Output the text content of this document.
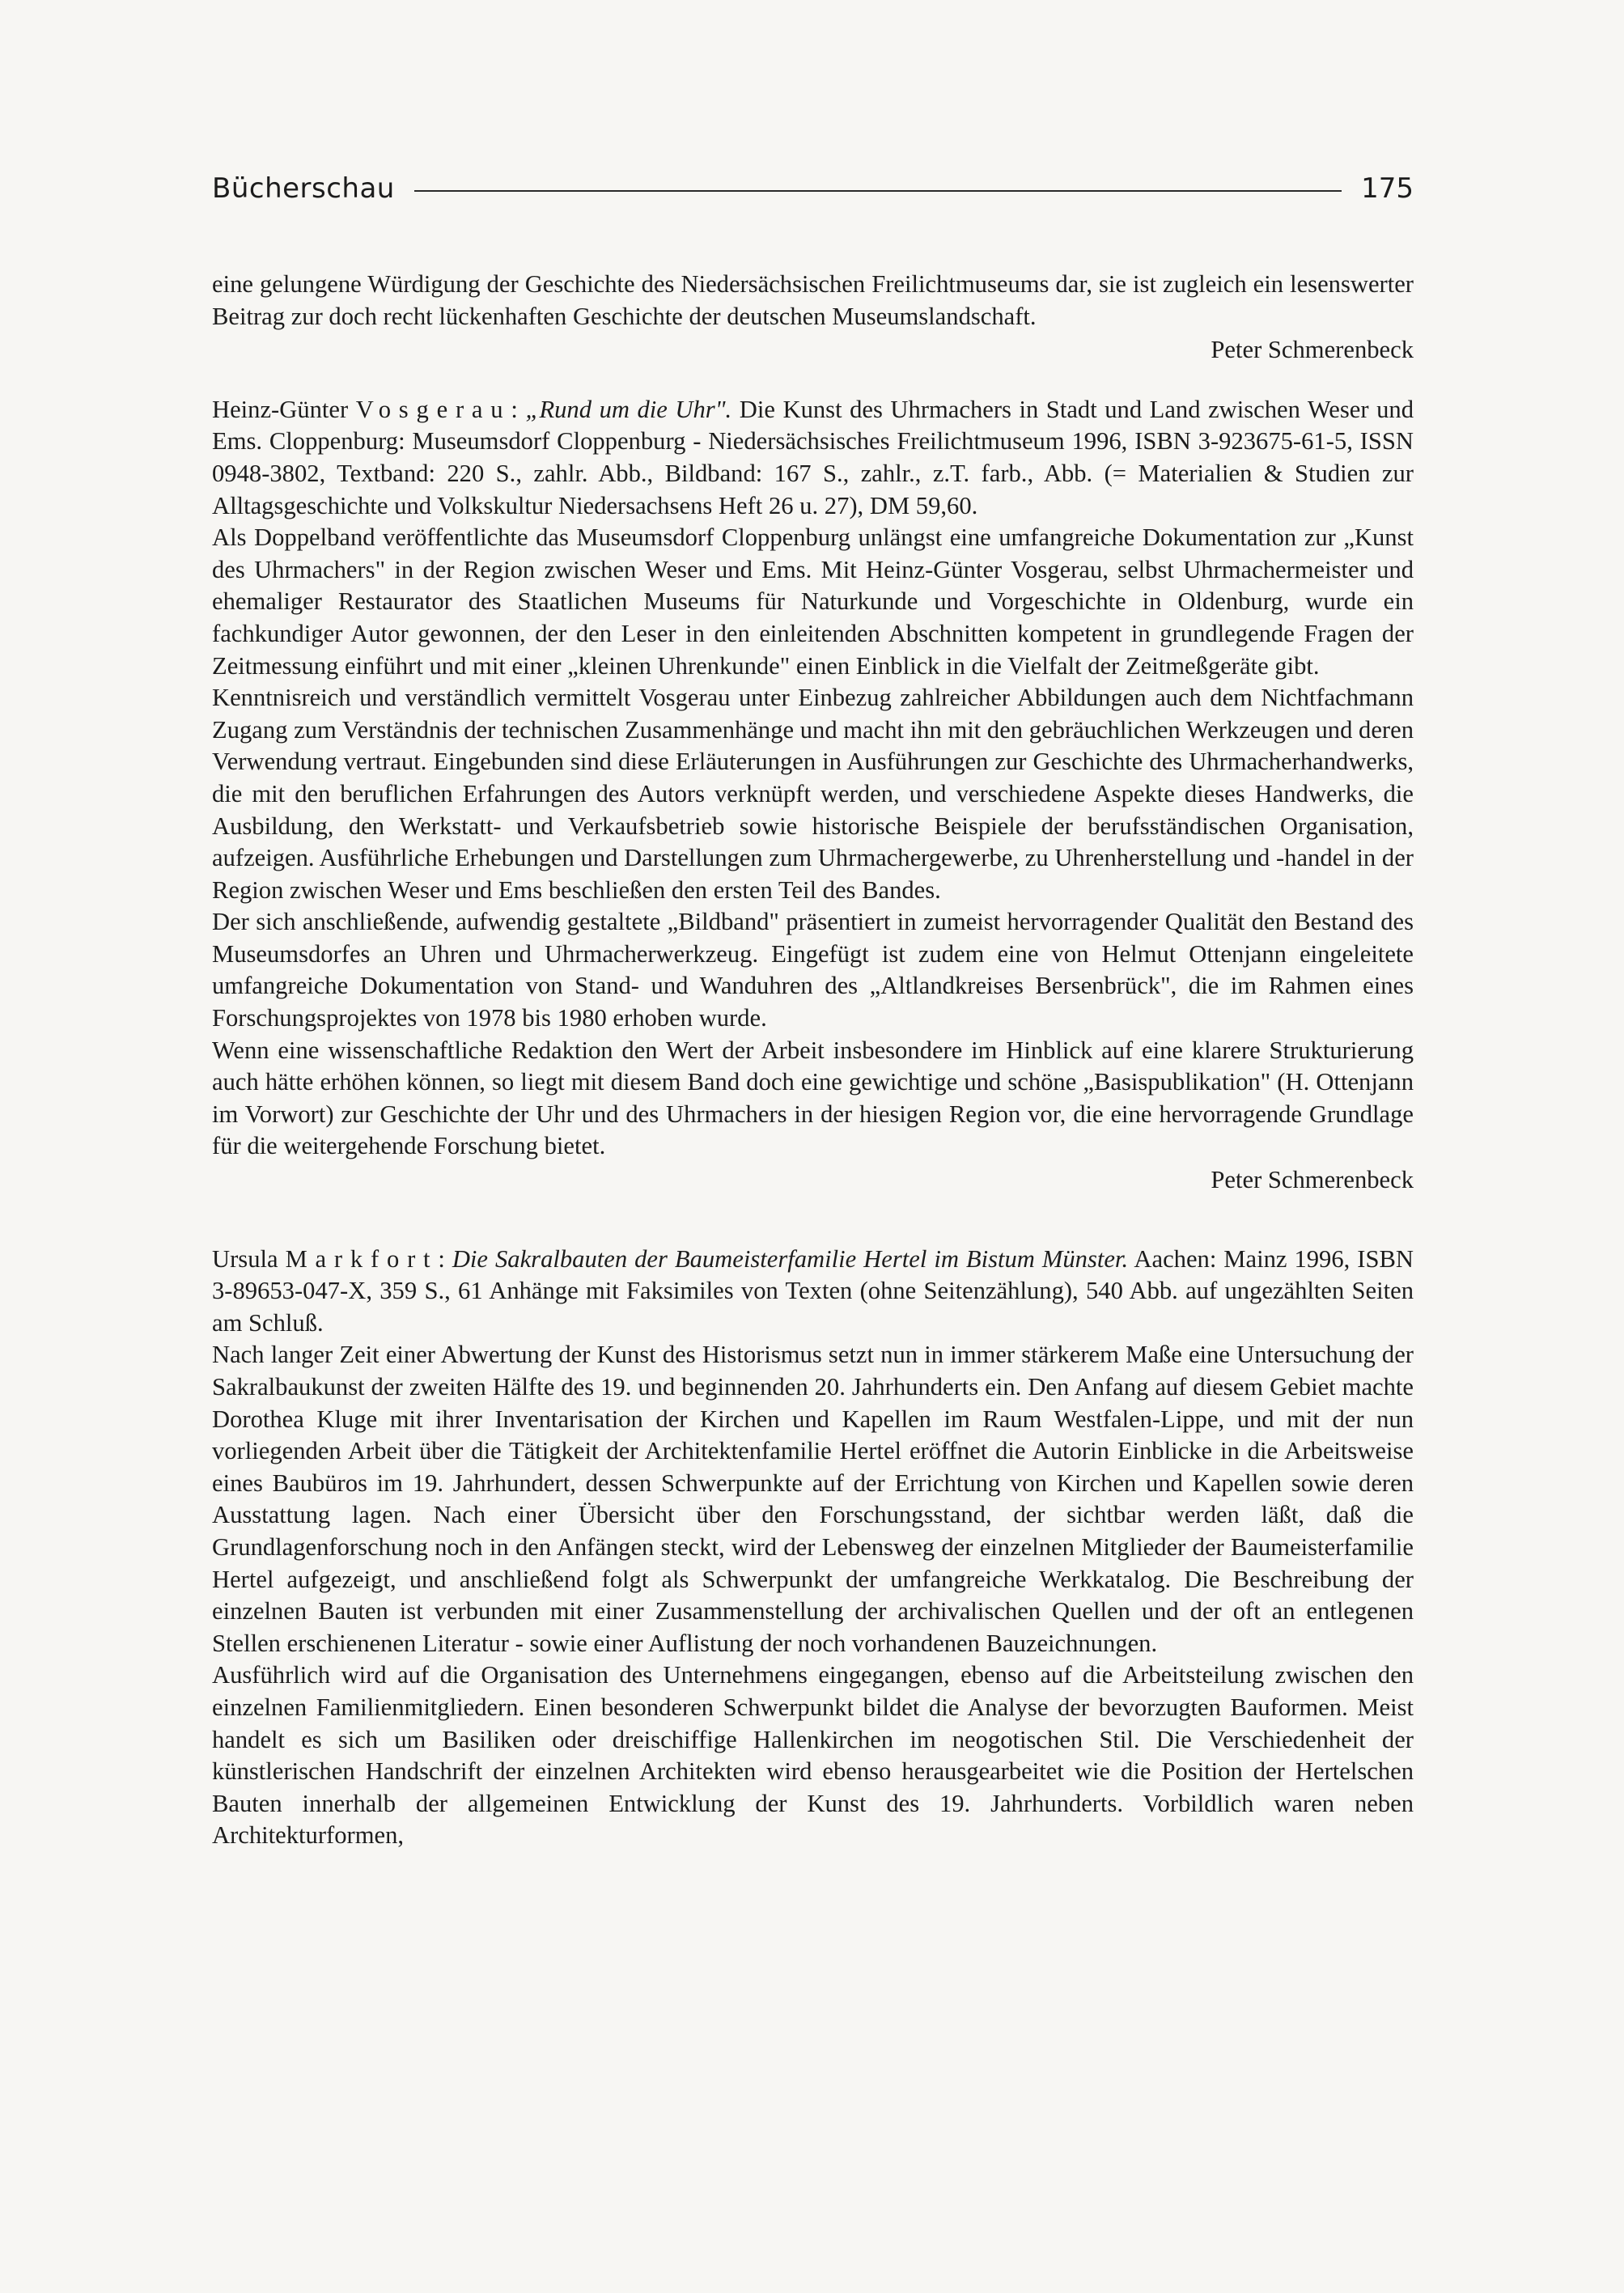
Bücherschau	175

eine gelungene Würdigung der Geschichte des Niedersächsischen Freilichtmuseums dar, sie ist zugleich ein lesenswerter Beitrag zur doch recht lückenhaften Geschichte der deutschen Museumslandschaft.

Peter Schmerenbeck

Heinz-Günter Vosgerau: „Rund um die Uhr". Die Kunst des Uhrmachers in Stadt und Land zwischen Weser und Ems. Cloppenburg: Museumsdorf Cloppenburg - Niedersächsisches Freilichtmuseum 1996, ISBN 3-923675-61-5, ISSN 0948-3802, Textband: 220 S., zahlr. Abb., Bildband: 167 S., zahlr., z.T. farb., Abb. (= Materialien & Studien zur Alltagsgeschichte und Volkskultur Niedersachsens Heft 26 u. 27), DM 59,60.

Als Doppelband veröffentlichte das Museumsdorf Cloppenburg unlängst eine umfangreiche Dokumentation zur „Kunst des Uhrmachers" in der Region zwischen Weser und Ems. Mit Heinz-Günter Vosgerau, selbst Uhrmachermeister und ehemaliger Restaurator des Staatlichen Museums für Naturkunde und Vorgeschichte in Oldenburg, wurde ein fachkundiger Autor gewonnen, der den Leser in den einleitenden Abschnitten kompetent in grundlegende Fragen der Zeitmessung einführt und mit einer „kleinen Uhrenkunde" einen Einblick in die Vielfalt der Zeitmeßgeräte gibt.

Kenntnisreich und verständlich vermittelt Vosgerau unter Einbezug zahlreicher Abbildungen auch dem Nichtfachmann Zugang zum Verständnis der technischen Zusammenhänge und macht ihn mit den gebräuchlichen Werkzeugen und deren Verwendung vertraut. Eingebunden sind diese Erläuterungen in Ausführungen zur Geschichte des Uhrmacherhandwerks, die mit den beruflichen Erfahrungen des Autors verknüpft werden, und verschiedene Aspekte dieses Handwerks, die Ausbildung, den Werkstatt- und Verkaufsbetrieb sowie historische Beispiele der berufsständischen Organisation, aufzeigen. Ausführliche Erhebungen und Darstellungen zum Uhrmachergewerbe, zu Uhrenherstellung und -handel in der Region zwischen Weser und Ems beschließen den ersten Teil des Bandes.

Der sich anschließende, aufwendig gestaltete „Bildband" präsentiert in zumeist hervorragender Qualität den Bestand des Museumsdorfes an Uhren und Uhrmacherwerkzeug. Eingefügt ist zudem eine von Helmut Ottenjann eingeleitete umfangreiche Dokumentation von Stand- und Wanduhren des „Altlandkreises Bersenbrück", die im Rahmen eines Forschungsprojektes von 1978 bis 1980 erhoben wurde.

Wenn eine wissenschaftliche Redaktion den Wert der Arbeit insbesondere im Hinblick auf eine klarere Strukturierung auch hätte erhöhen können, so liegt mit diesem Band doch eine gewichtige und schöne „Basispublikation" (H. Ottenjann im Vorwort) zur Geschichte der Uhr und des Uhrmachers in der hiesigen Region vor, die eine hervorragende Grundlage für die weitergehende Forschung bietet.

Peter Schmerenbeck

Ursula Markfort: Die Sakralbauten der Baumeisterfamilie Hertel im Bistum Münster. Aachen: Mainz 1996, ISBN 3-89653-047-X, 359 S., 61 Anhänge mit Faksimiles von Texten (ohne Seitenzählung), 540 Abb. auf ungezählten Seiten am Schluß.

Nach langer Zeit einer Abwertung der Kunst des Historismus setzt nun in immer stärkerem Maße eine Untersuchung der Sakralbaukunst der zweiten Hälfte des 19. und beginnenden 20. Jahrhunderts ein. Den Anfang auf diesem Gebiet machte Dorothea Kluge mit ihrer Inventarisation der Kirchen und Kapellen im Raum Westfalen-Lippe, und mit der nun vorliegenden Arbeit über die Tätigkeit der Architektenfamilie Hertel eröffnet die Autorin Einblicke in die Arbeitsweise eines Baubüros im 19. Jahrhundert, dessen Schwerpunkte auf der Errichtung von Kirchen und Kapellen sowie deren Ausstattung lagen. Nach einer Übersicht über den Forschungsstand, der sichtbar werden läßt, daß die Grundlagenforschung noch in den Anfängen steckt, wird der Lebensweg der einzelnen Mitglieder der Baumeisterfamilie Hertel aufgezeigt, und anschließend folgt als Schwerpunkt der umfangreiche Werkkatalog. Die Beschreibung der einzelnen Bauten ist verbunden mit einer Zusammenstellung der archivalischen Quellen und der oft an entlegenen Stellen erschienenen Literatur - sowie einer Auflistung der noch vorhandenen Bauzeichnungen.

Ausführlich wird auf die Organisation des Unternehmens eingegangen, ebenso auf die Arbeitsteilung zwischen den einzelnen Familienmitgliedern. Einen besonderen Schwerpunkt bildet die Analyse der bevorzugten Bauformen. Meist handelt es sich um Basiliken oder dreischiffige Hallenkirchen im neogotischen Stil. Die Verschiedenheit der künstlerischen Handschrift der einzelnen Architekten wird ebenso herausgearbeitet wie die Position der Hertelschen Bauten innerhalb der allgemeinen Entwicklung der Kunst des 19. Jahrhunderts. Vorbildlich waren neben Architekturformen,
